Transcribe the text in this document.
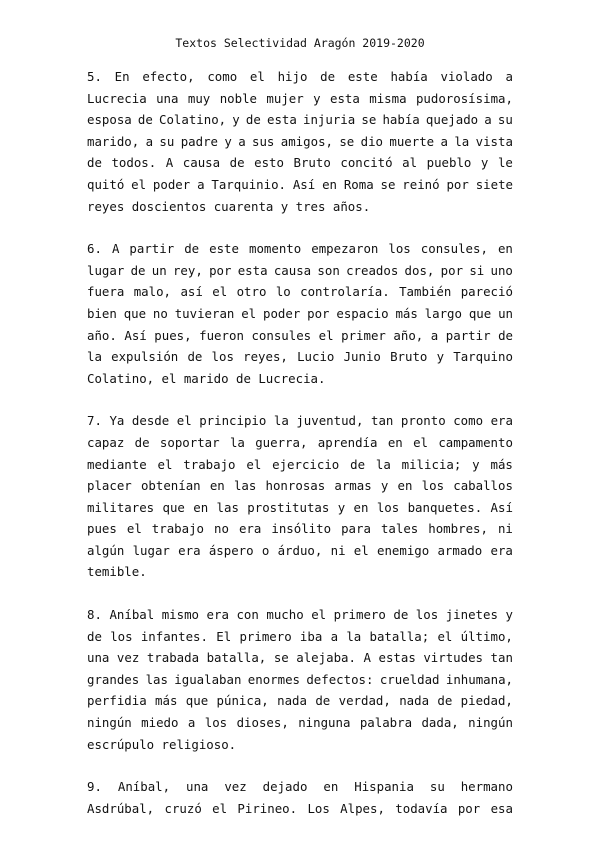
Textos Selectividad Aragón 2019-2020
5. En efecto, como el hijo de este había violado a
Lucrecia una muy noble mujer y esta misma pudorosísima,
esposa de Colatino, y de esta injuria se había quejado a su
marido, a su padre y a sus amigos, se dio muerte a la vista
de todos. A causa de esto Bruto concitó al pueblo y le
quitó el poder a Tarquinio. Así en Roma se reinó por siete
reyes doscientos cuarenta y tres años.
6. A partir de este momento empezaron los consules, en
lugar de un rey, por esta causa son creados dos, por si uno
fuera malo, así el otro lo controlaría. También pareció
bien que no tuvieran el poder por espacio más largo que un
año. Así pues, fueron consules el primer año, a partir de
la expulsión de los reyes, Lucio Junio Bruto y Tarquino
Colatino, el marido de Lucrecia.
7. Ya desde el principio la juventud, tan pronto como era
capaz de soportar la guerra, aprendía en el campamento
mediante el trabajo el ejercicio de la milicia; y más
placer obtenían en las honrosas armas y en los caballos
militares que en las prostitutas y en los banquetes. Así
pues el trabajo no era insólito para tales hombres, ni
algún lugar era áspero o árduo, ni el enemigo armado era
temible.
8. Aníbal mismo era con mucho el primero de los jinetes y
de los infantes. El primero iba a la batalla; el último,
una vez trabada batalla, se alejaba. A estas virtudes tan
grandes las igualaban enormes defectos: crueldad inhumana,
perfidia más que púnica, nada de verdad, nada de piedad,
ningún miedo a los dioses, ninguna palabra dada, ningún
escrúpulo religioso.
9. Aníbal, una vez dejado en Hispania su hermano
Asdrúbal, cruzó el Pirineo. Los Alpes, todavía por esa
